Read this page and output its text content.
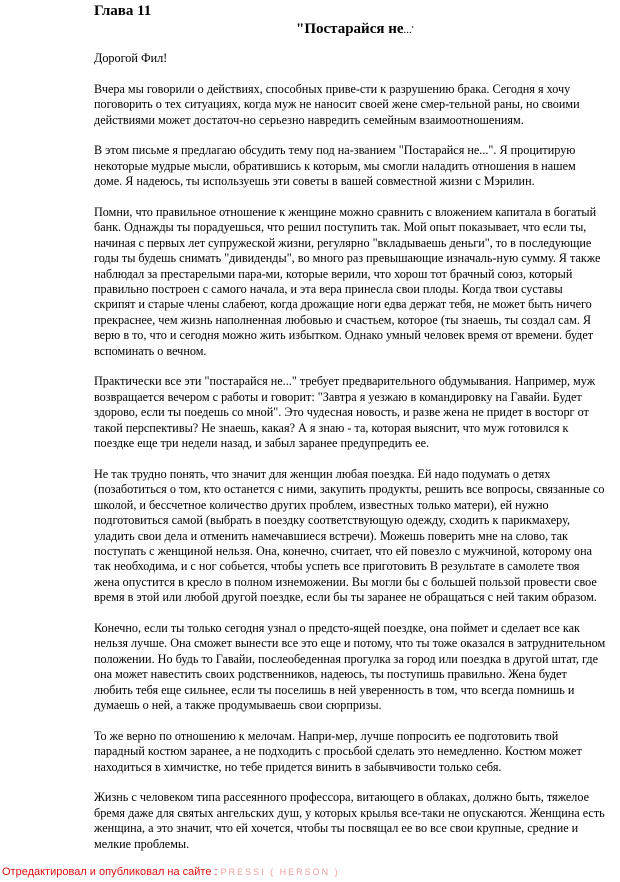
Глава 11
"Постарайся не...'

Дорогой Фил!

Вчера мы говорили о действиях, способных приве-сти к разрушению брака. Сегодня я хочу поговорить о тех ситуациях, когда муж не наносит своей жене смер-тельной раны, но своими действиями может достаточ-но серьезно навредить семейным взаимоотношениям.

В этом письме я предлагаю обсудить тему под на-званием "Постарайся не...". Я процитирую некоторые мудрые мысли, обратившись к которым, мы смогли наладить отношения в нашем доме. Я надеюсь, ты используешь эти советы в вашей совместной жизни с Мэрилин.

Помни, что правильное отношение к женщине можно сравнить с вложением капитала в богатый банк. Однажды ты порадуешься, что решил поступить так. Мой опыт показывает, что если ты, начиная с первых лет супружеской жизни, регулярно "вкладываешь деньги", то в последующие годы ты будешь снимать "дивиденды", во много раз превышающие изначаль-ную сумму. Я также наблюдал за престарелыми пара-ми, которые верили, что хорош тот брачный союз, который правильно построен с самого начала, и эта вера принесла свои плоды. Когда твои суставы скрипят и старые члены слабеют, когда дрожащие ноги едва держат тебя, не может быть ничего прекраснее, чем жизнь наполненная любовью и счастьем, которое (ты знаешь, ты создал сам. Я верю в то, что и сегодня можно жить избытком. Однако умный человек время от времени. будет вспоминать о вечном.

Практически все эти "постарайся не..." требует предварительного обдумывания. Например, муж возвращается вечером с работы и говорит: "Завтра я уезжаю в командировку на Гавайи. Будет здорово, если ты поедешь со мной". Это чудесная новость, и разве жена не придет в восторг от такой перспективы? Не знаешь, какая? А я знаю - та, которая выяснит, что муж готовился к поездке еще три недели назад, и забыл заранее предупредить ее.

Не так трудно понять, что значит для женщин любая поездка. Ей надо подумать о детях (позаботиться о том, кто останется с ними, закупить продукты, решить все вопросы, связанные со школой, и бессчетное количество других проблем, известных только матери), ей нужно подготовиться самой (выбрать в поездку соответствующую одежду, сходить к парикмахеру, уладить свои дела и отменить намечавшиеся встречи). Можешь поверить мне на слово, так поступать с женщиной нельзя. Она, конечно, считает, что ей повезло с мужчиной, которому она так необходима, и с ног собьется, чтобы успеть все приготовить В результате в самолете твоя жена опустится в кресло в полном изнеможении. Вы могли бы с большей пользой провести свое время в этой или любой другой поездке, если бы ты заранее не обращаться с ней таким образом.

Конечно, если ты только сегодня узнал о предсто-ящей поездке, она поймет и сделает все как нельзя лучше. Она сможет вынести все это еще и потому, что ты тоже оказался в затруднительном положении. Но будь то Гавайи, послеобеденная прогулка за город или поездка в другой штат, где она может навестить своих родственников, надеюсь, ты поступишь правильно. Жена будет любить тебя еще сильнее, если ты поселишь в ней уверенность в том, что всегда помнишь и думаешь о ней, а также продумываешь свои сюрпризы.

То же верно по отношению к мелочам. Напри-мер, лучше попросить ее подготовить твой парадный костюм заранее, а не подходить с просьбой сделать это немедленно. Костюм может находиться в химчистке, но тебе придется винить в забывчивости только себя.

Жизнь с человеком типа рассеянного профессора, витающего в облаках, должно быть, тяжелое бремя даже для святых ангельских душ, у которых крылья все-таки не опускаются. Женщина есть женщина, а это значит, что ей хочется, чтобы ты посвящал ее во все свои крупные, средние и мелкие проблемы.

Отредактировал и опубликовал на сайте : PRESSI ( HERSON )
